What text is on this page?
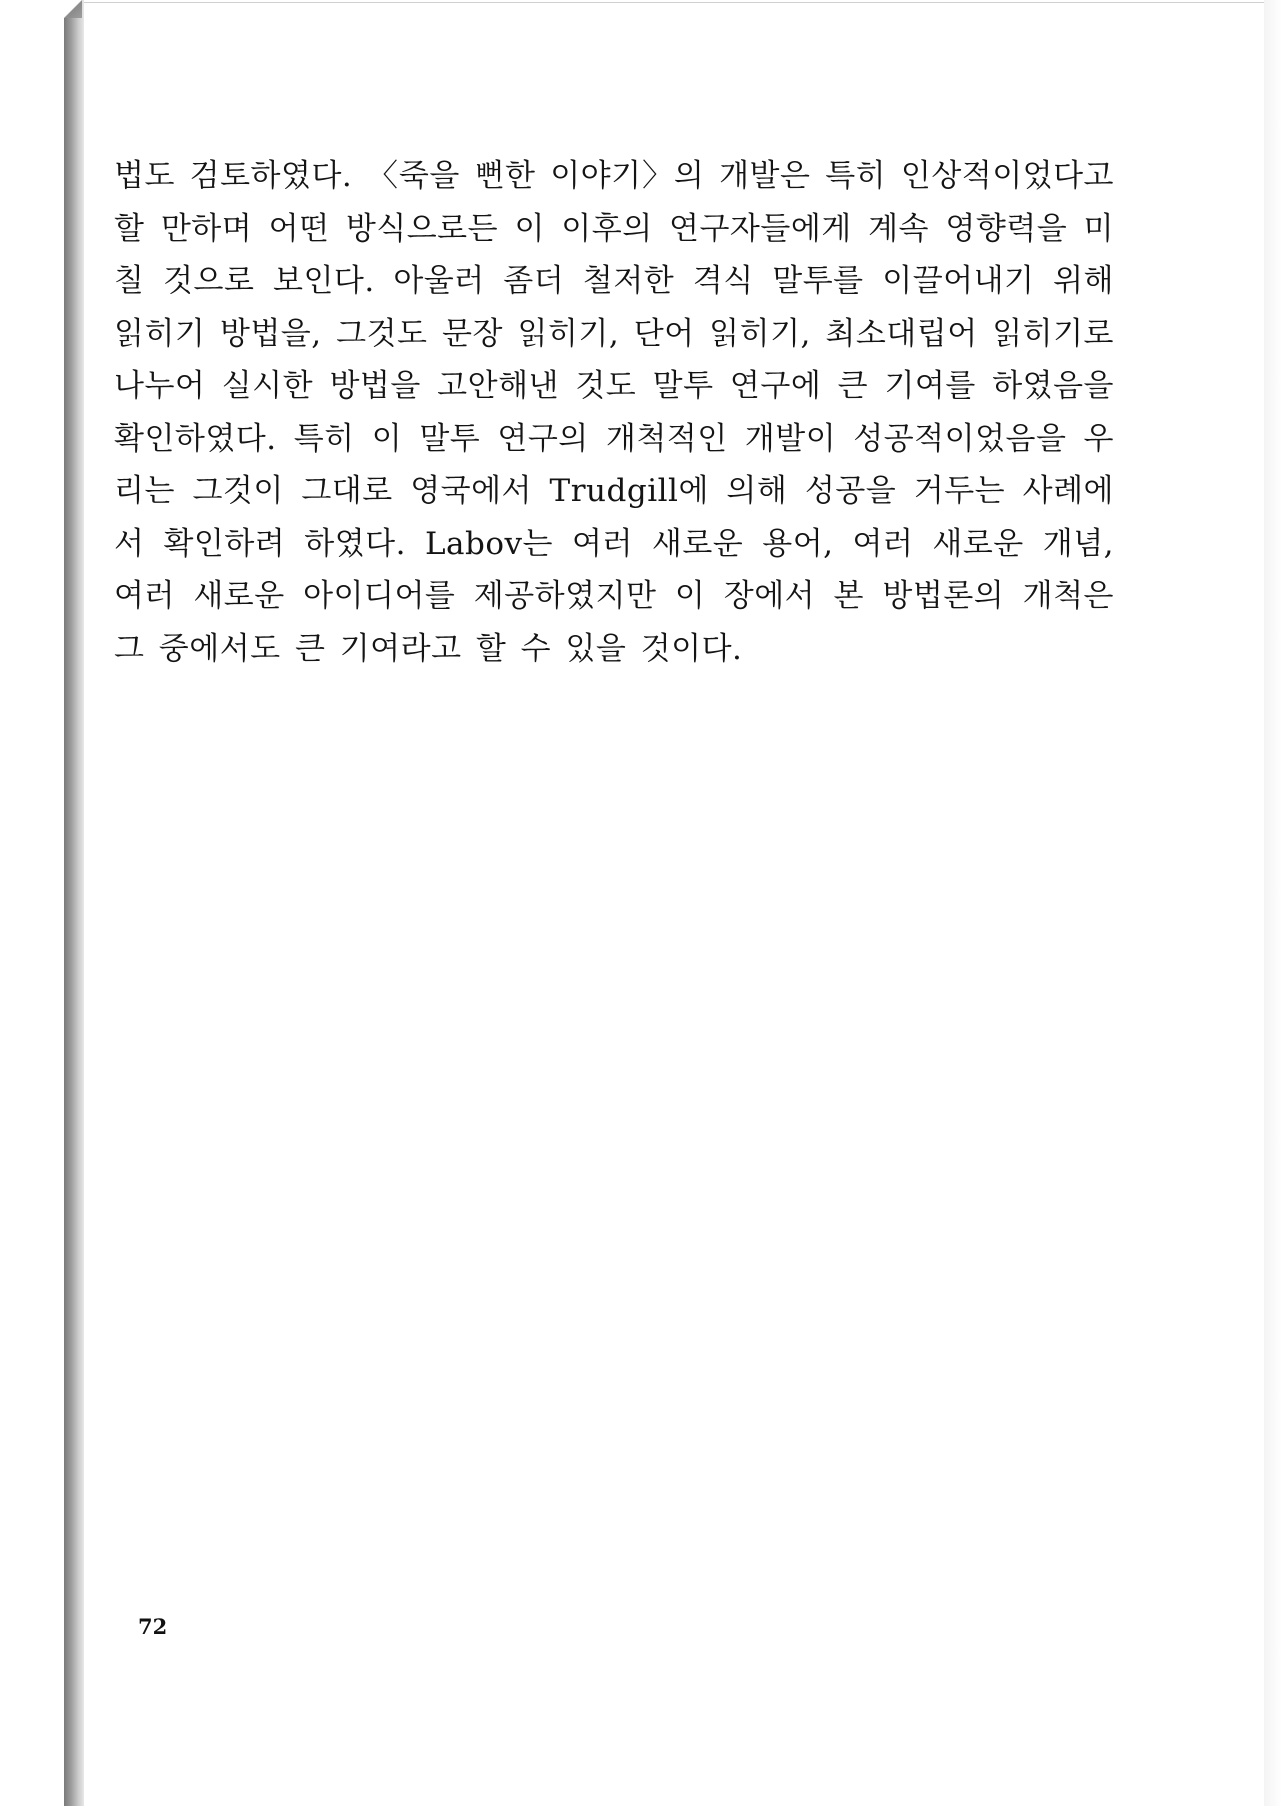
법도 검토하였다. 〈죽을 뻔한 이야기〉의 개발은 특히 인상적이었다고 할 만하며 어떤 방식으로든 이 이후의 연구자들에게 계속 영향력을 미칠 것으로 보인다. 아울러 좀더 철저한 격식 말투를 이끌어내기 위해 읽히기 방법을, 그것도 문장 읽히기, 단어 읽히기, 최소대립어 읽히기로 나누어 실시한 방법을 고안해낸 것도 말투 연구에 큰 기여를 하였음을 확인하였다. 특히 이 말투 연구의 개척적인 개발이 성공적이었음을 우리는 그것이 그대로 영국에서 Trudgill에 의해 성공을 거두는 사례에서 확인하려 하였다. Labov는 여러 새로운 용어, 여러 새로운 개념, 여러 새로운 아이디어를 제공하였지만 이 장에서 본 방법론의 개척은 그 중에서도 큰 기여라고 할 수 있을 것이다.

72
